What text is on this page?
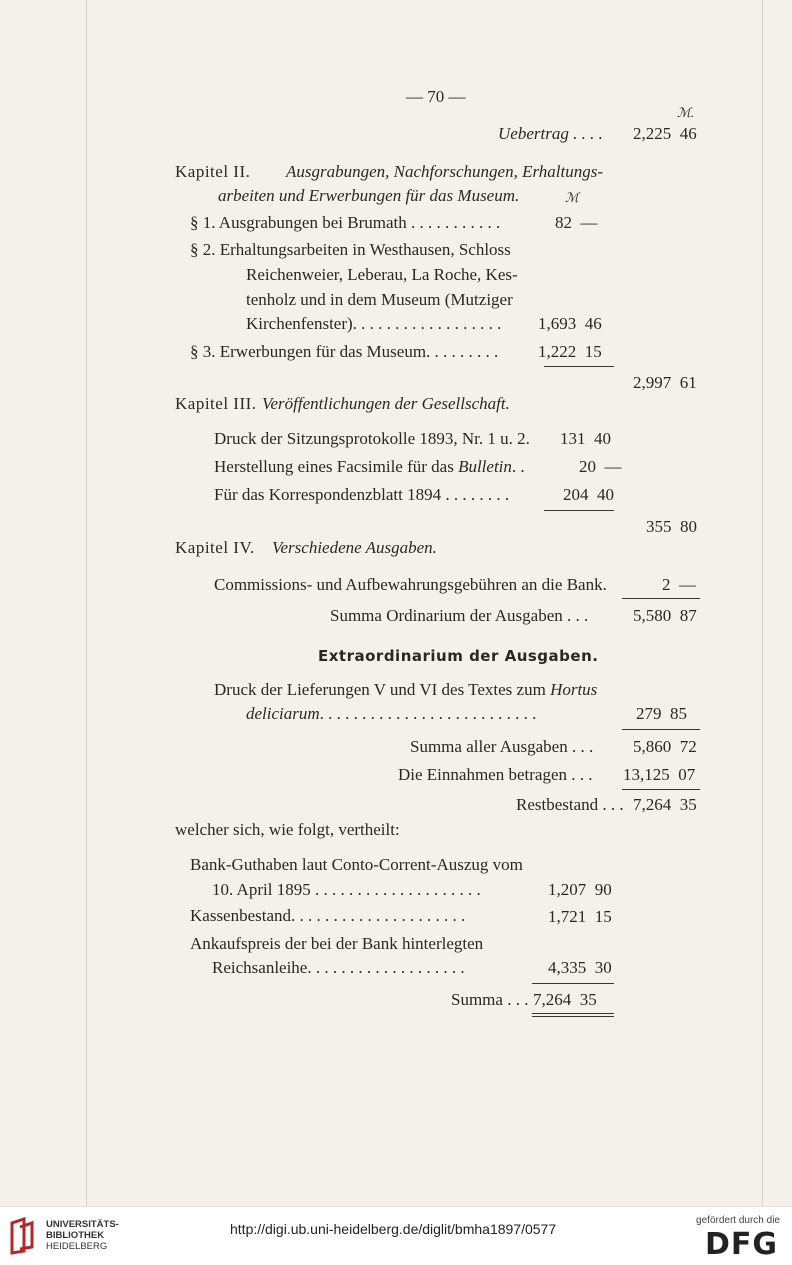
— 70 —
ℳ.
Uebertrag . . . . 2,225  46
Kapitel II. Ausgrabungen, Nachforschungen, Erhaltungs-
arbeiten und Erwerbungen für das Museum.	ℳ
§ 1. Ausgrabungen bei Brumath . . . . . . . . . . .	82  —
§ 2. Erhaltungsarbeiten in Westhausen, Schloss
Reichenweier, Leberau, La Roche, Kes-
tenholz und in dem Museum (Mutziger
Kirchenfenster). . . . . . . . . . . . . . . . . . 1,693  46
§ 3. Erwerbungen für das Museum. . . . . . . . . 1,222  15
2,997  61
Kapitel III. Veröffentlichungen der Gesellschaft.
Druck der Sitzungsprotokolle 1893, Nr. 1 u. 2. 131  40
Herstellung eines Facsimile für das Bulletin. .	20  —
Für das Korrespondenzblatt 1894 . . . . . . . .	204  40
355  80
Kapitel IV. Verschiedene Ausgaben.
Commissions- und Aufbewahrungsgebühren an die Bank.	2  —
Summa Ordinarium der Ausgaben . . .	5,580  87
Extraordinarium der Ausgaben.
Druck der Lieferungen V und VI des Textes zum Hortus
deliciarum. . . . . . . . . . . . . . . . . . . . . . . . . .	279  85
Summa aller Ausgaben . . . 5,860  72
Die Einnahmen betragen . . . 13,125  07
Restbestand . . . 7,264  35
welcher sich, wie folgt, vertheilt:
Bank-Guthaben laut Conto-Corrent-Auszug vom
10. April 1895 . . . . . . . . . . . . . . . . . . . .	1,207  90
Kassenbestand. . . . . . . . . . . . . . . . . . . . .	1,721  15
Ankaufspreis der bei der Bank hinterlegten
Reichsanleihe. . . . . . . . . . . . . . . . . . .	4,335  30
Summa . . . 7,264  35
UNIVERSITÄTS-
BIBLIOTHEK
HEIDELBERG
http://digi.ub.uni-heidelberg.de/diglit/bmha1897/0577
gefördert durch die
DFG
